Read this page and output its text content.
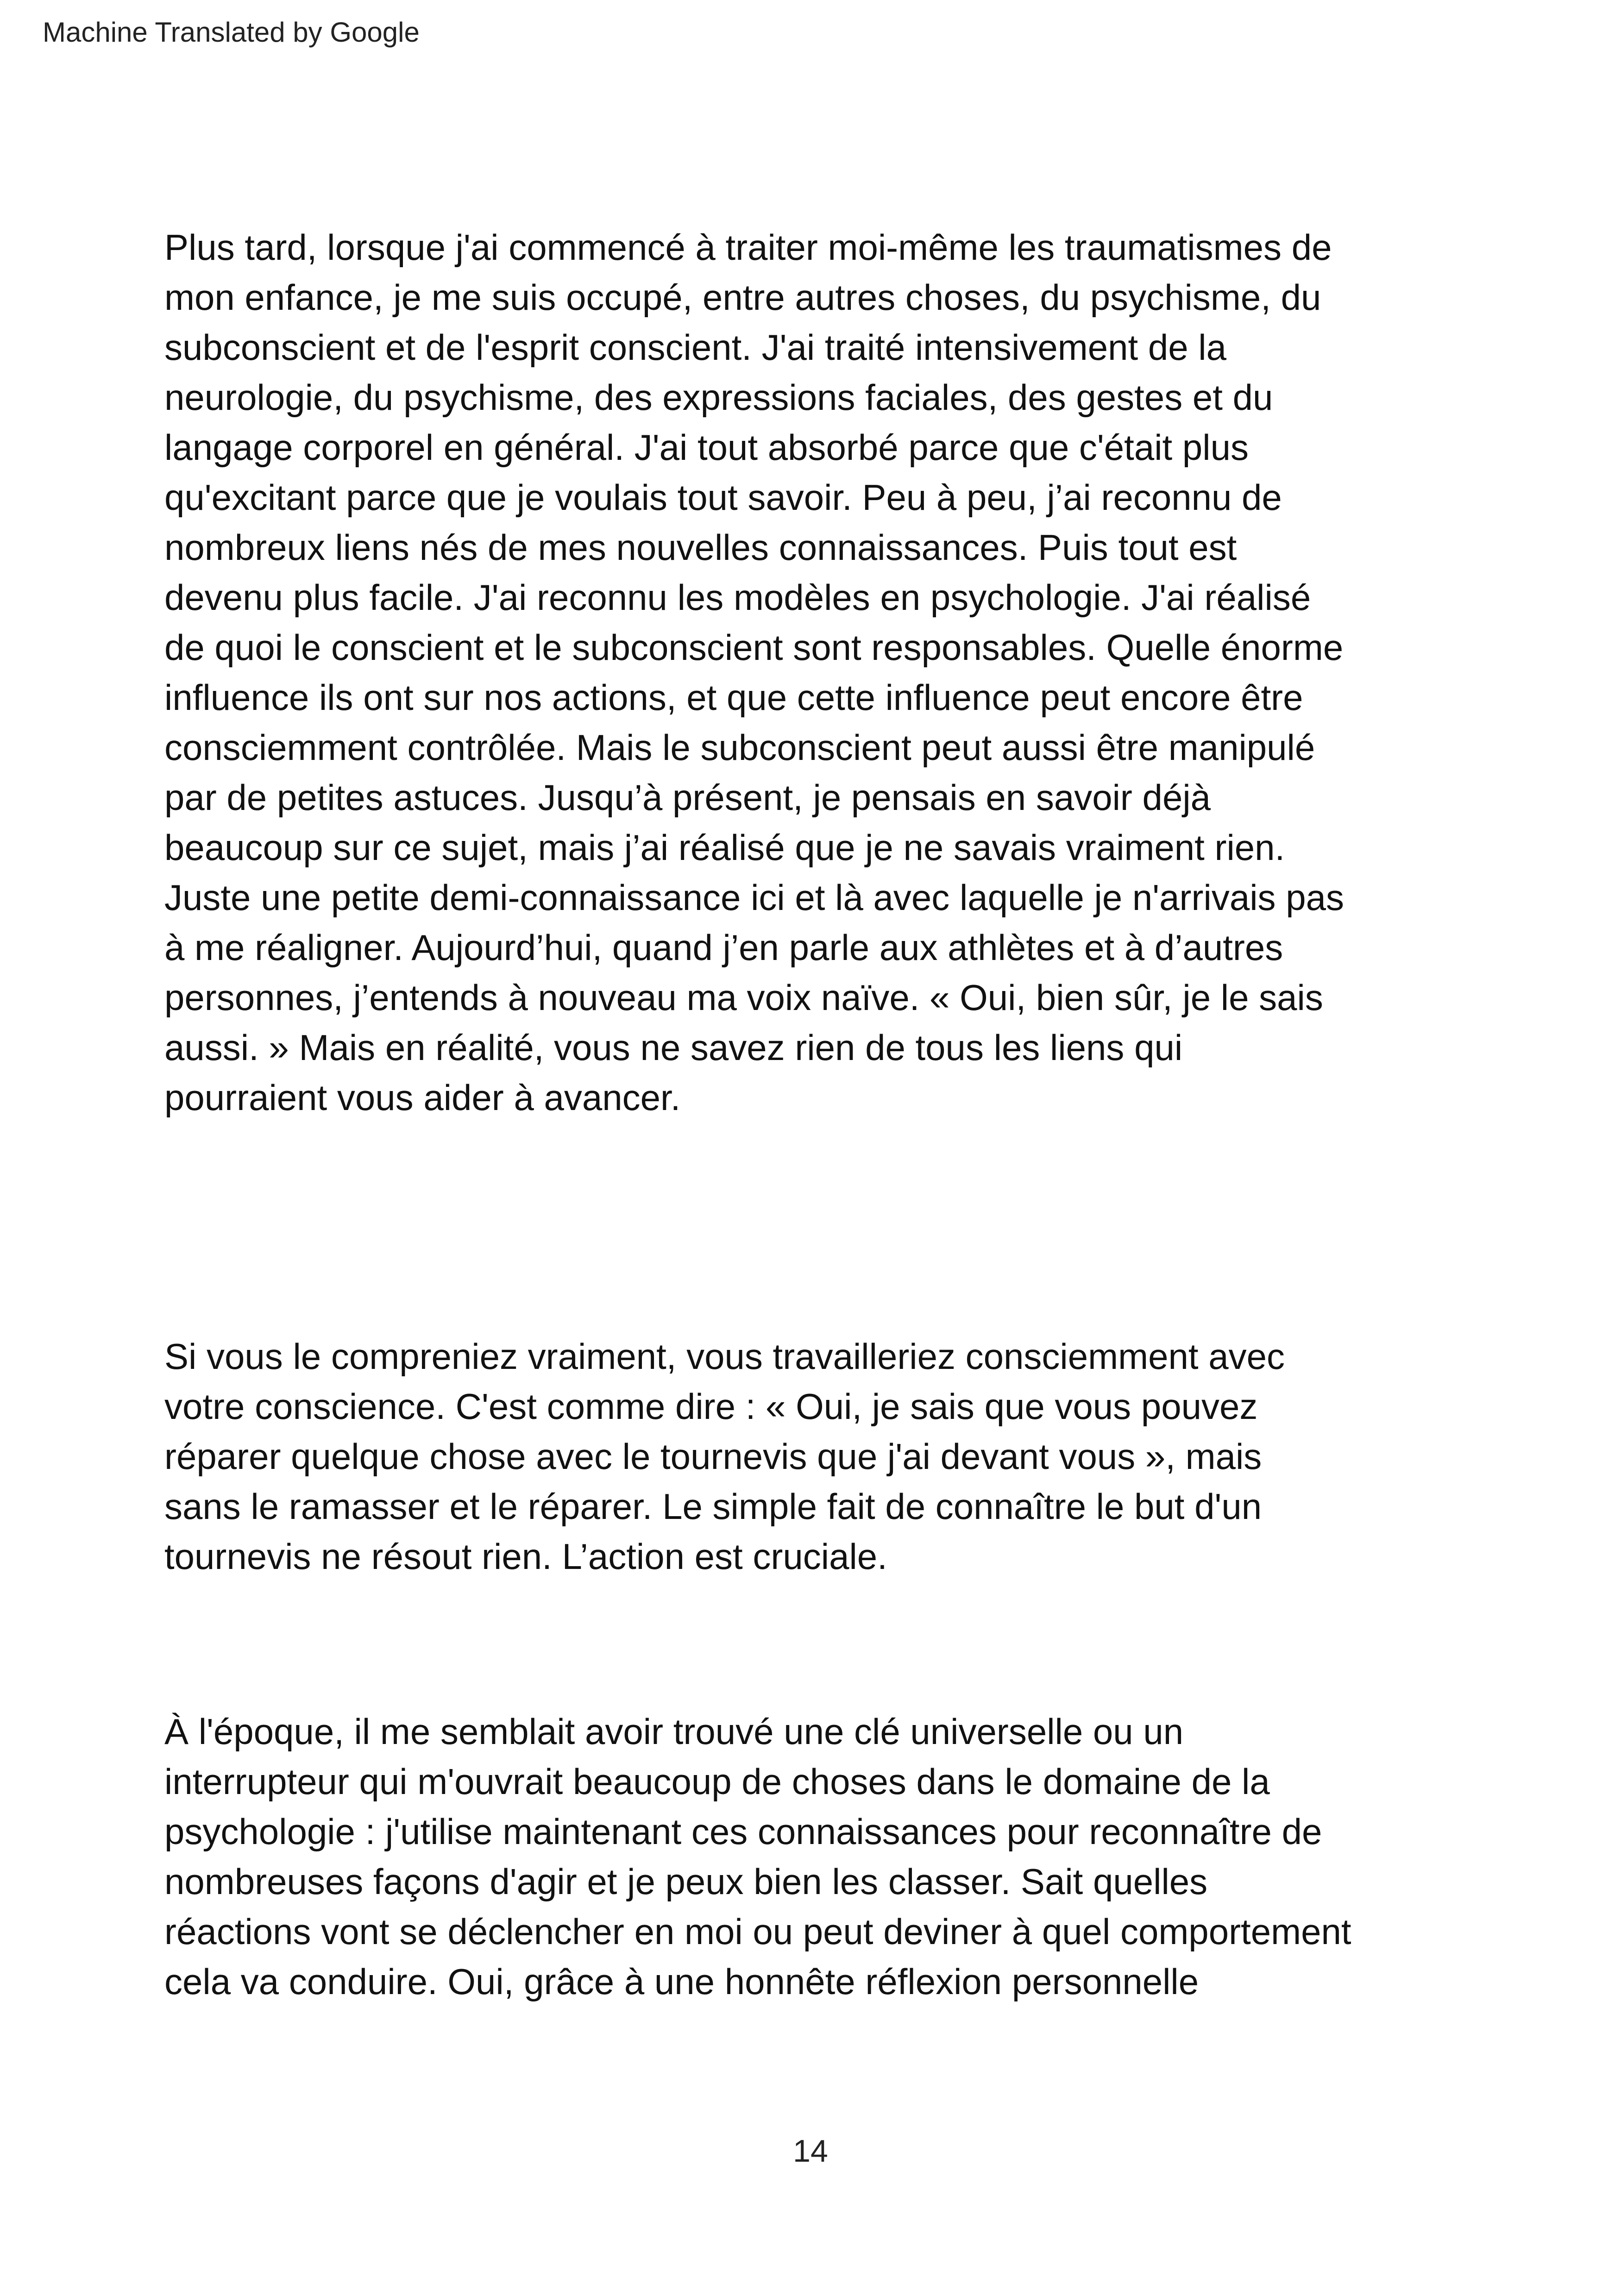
Machine Translated by Google
Plus tard, lorsque j'ai commencé à traiter moi-même les traumatismes de
mon enfance, je me suis occupé, entre autres choses, du psychisme, du
subconscient et de l'esprit conscient. J'ai traité intensivement de la
neurologie, du psychisme, des expressions faciales, des gestes et du
langage corporel en général. J'ai tout absorbé parce que c'était plus
qu'excitant parce que je voulais tout savoir. Peu à peu, j’ai reconnu de
nombreux liens nés de mes nouvelles connaissances. Puis tout est
devenu plus facile. J'ai reconnu les modèles en psychologie. J'ai réalisé
de quoi le conscient et le subconscient sont responsables. Quelle énorme
influence ils ont sur nos actions, et que cette influence peut encore être
consciemment contrôlée. Mais le subconscient peut aussi être manipulé
par de petites astuces. Jusqu’à présent, je pensais en savoir déjà
beaucoup sur ce sujet, mais j’ai réalisé que je ne savais vraiment rien.
Juste une petite demi-connaissance ici et là avec laquelle je n'arrivais pas
à me réaligner. Aujourd’hui, quand j’en parle aux athlètes et à d’autres
personnes, j’entends à nouveau ma voix naïve. « Oui, bien sûr, je le sais
aussi. » Mais en réalité, vous ne savez rien de tous les liens qui
pourraient vous aider à avancer.
Si vous le compreniez vraiment, vous travailleriez consciemment avec
votre conscience. C'est comme dire : « Oui, je sais que vous pouvez
réparer quelque chose avec le tournevis que j'ai devant vous », mais
sans le ramasser et le réparer. Le simple fait de connaître le but d'un
tournevis ne résout rien. L’action est cruciale.
À l'époque, il me semblait avoir trouvé une clé universelle ou un
interrupteur qui m'ouvrait beaucoup de choses dans le domaine de la
psychologie : j'utilise maintenant ces connaissances pour reconnaître de
nombreuses façons d'agir et je peux bien les classer. Sait quelles
réactions vont se déclencher en moi ou peut deviner à quel comportement
cela va conduire. Oui, grâce à une honnête réflexion personnelle
14
